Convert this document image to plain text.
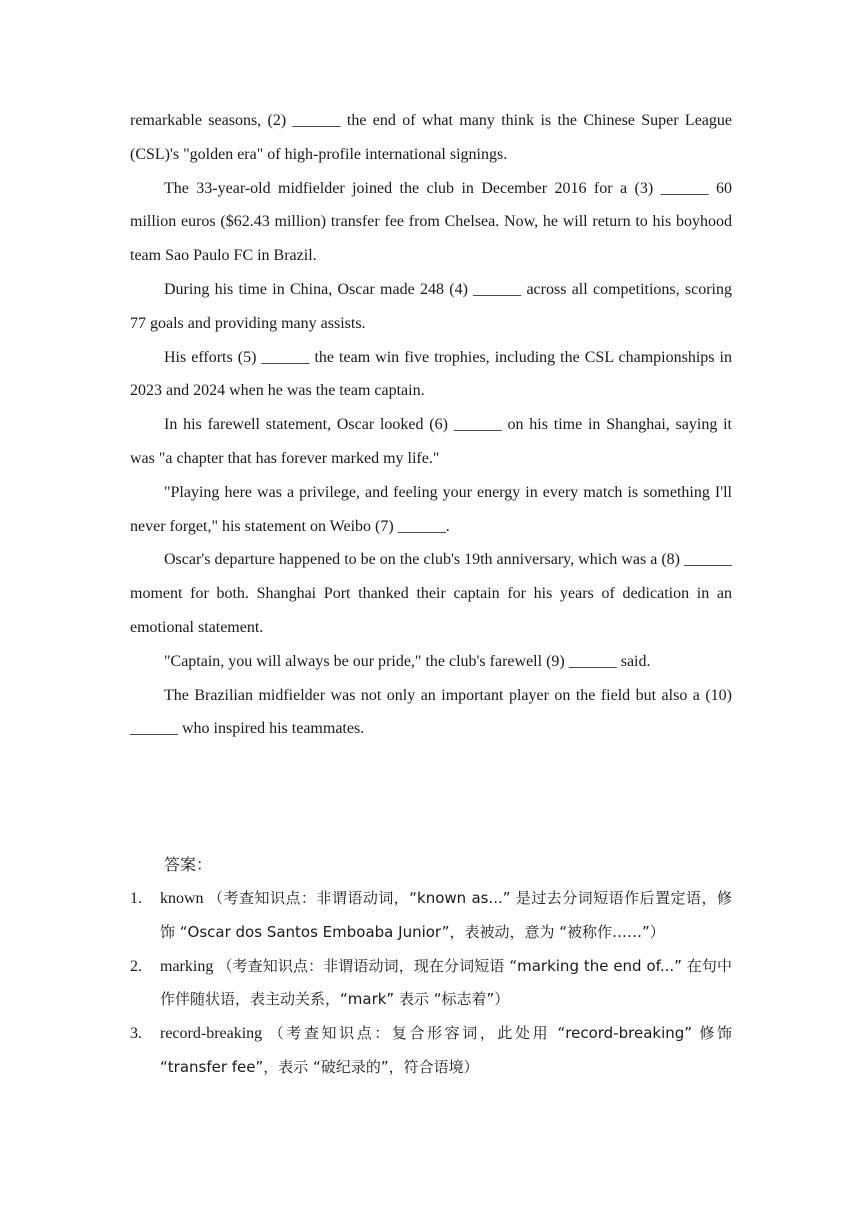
remarkable seasons, (2) ______ the end of what many think is the Chinese Super League (CSL)'s "golden era" of high-profile international signings.

The 33-year-old midfielder joined the club in December 2016 for a (3) ______ 60 million euros ($62.43 million) transfer fee from Chelsea. Now, he will return to his boyhood team Sao Paulo FC in Brazil.

During his time in China, Oscar made 248 (4) ______ across all competitions, scoring 77 goals and providing many assists.

His efforts (5) ______ the team win five trophies, including the CSL championships in 2023 and 2024 when he was the team captain.

In his farewell statement, Oscar looked (6) ______ on his time in Shanghai, saying it was "a chapter that has forever marked my life."

"Playing here was a privilege, and feeling your energy in every match is something I'll never forget," his statement on Weibo (7) ______.

Oscar's departure happened to be on the club's 19th anniversary, which was a (8) ______ moment for both. Shanghai Port thanked their captain for his years of dedication in an emotional statement.

"Captain, you will always be our pride," the club's farewell (9) ______ said.

The Brazilian midfielder was not only an important player on the field but also a (10) ______ who inspired his teammates.

答案：

1. known （考查知识点：非谓语动词，“known as...” 是过去分词短语作后置定语，修饰 “Oscar dos Santos Emboaba Junior”，表被动，意为 “被称作……”）
2. marking （考查知识点：非谓语动词，现在分词短语 “marking the end of...” 在句中作伴随状语，表主动关系，“mark” 表示 “标志着”）
3. record-breaking （考查知识点：复合形容词，此处用 “record-breaking” 修饰 “transfer fee”，表示 “破纪录的”，符合语境）
